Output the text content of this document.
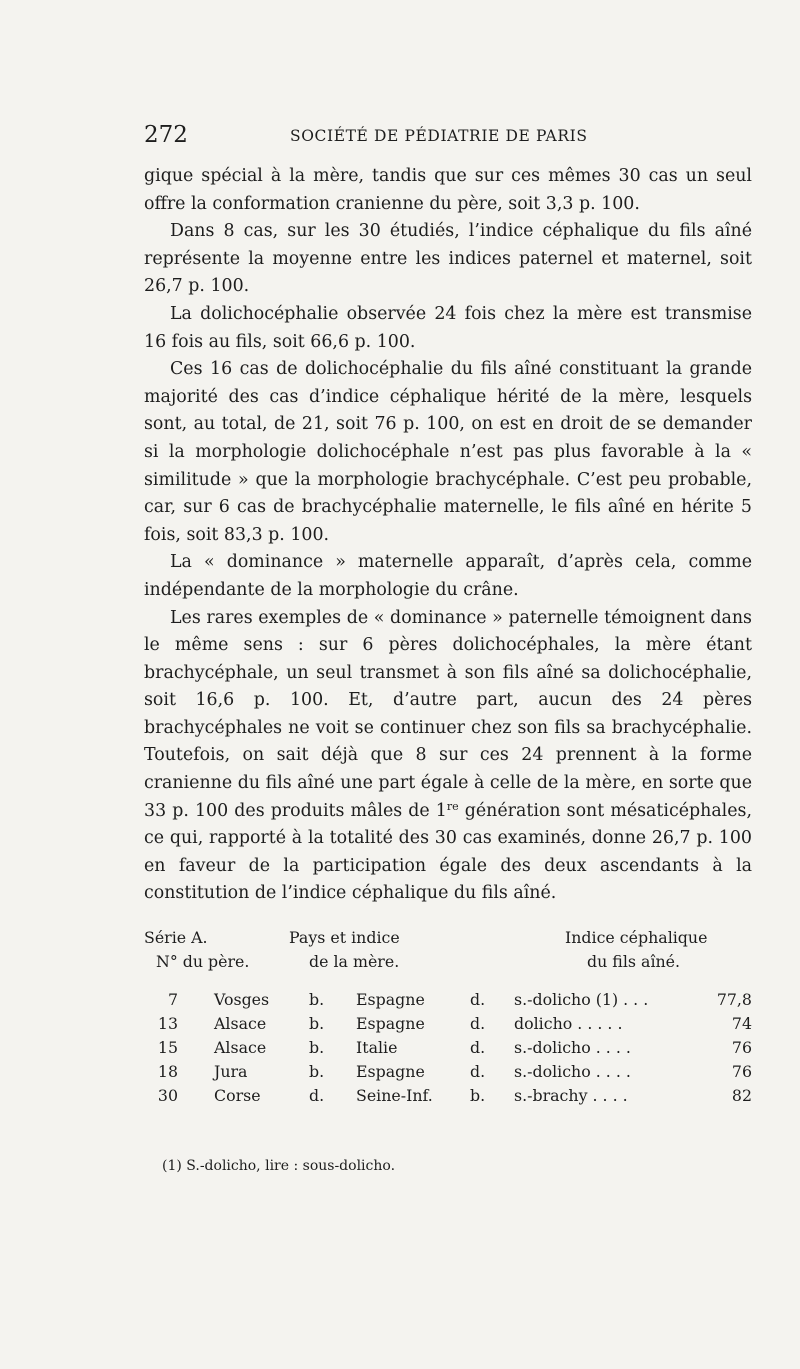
272	SOCIÉTÉ DE PÉDIATRIE DE PARIS

gique spécial à la mère, tandis que sur ces mêmes 30 cas un seul offre la conformation cranienne du père, soit 3,3 p. 100.

Dans 8 cas, sur les 30 étudiés, l’indice céphalique du fils aîné représente la moyenne entre les indices paternel et maternel, soit 26,7 p. 100.

La dolichocéphalie observée 24 fois chez la mère est transmise 16 fois au fils, soit 66,6 p. 100.

Ces 16 cas de dolichocéphalie du fils aîné constituant la grande majorité des cas d’indice céphalique hérité de la mère, lesquels sont, au total, de 21, soit 76 p. 100, on est en droit de se demander si la morphologie dolichocéphale n’est pas plus favorable à la « similitude » que la morphologie brachycéphale. C’est peu probable, car, sur 6 cas de brachycéphalie maternelle, le fils aîné en hérite 5 fois, soit 83,3 p. 100.

La « dominance » maternelle apparaît, d’après cela, comme indépendante de la morphologie du crâne.

Les rares exemples de « dominance » paternelle témoignent dans le même sens : sur 6 pères dolichocéphales, la mère étant brachycéphale, un seul transmet à son fils aîné sa dolichocéphalie, soit 16,6 p. 100. Et, d’autre part, aucun des 24 pères brachycéphales ne voit se continuer chez son fils sa brachycéphalie. Toutefois, on sait déjà que 8 sur ces 24 prennent à la forme cranienne du fils aîné une part égale à celle de la mère, en sorte que 33 p. 100 des produits mâles de 1re génération sont mésaticéphales, ce qui, rapporté à la totalité des 30 cas examinés, donne 26,7 p. 100 en faveur de la participation égale des deux ascendants à la constitution de l’indice céphalique du fils aîné.

Série A.
N° du père.
Pays et indice
de la mère.
Indice céphalique
du fils aîné.
7 Vosges	b. Espagne	d. s.-dolicho (1) . . .	77,8
13 Alsace	b. Espagne	d. dolicho . . . . .	74
15 Alsace	b. Italie	d. s.-dolicho . . . .	76
18 Jura	b. Espagne	d. s.-dolicho . . . .	76
30 Corse	d. Seine-Inf. b. s.-brachy . . . .	82
(1) S.-dolicho, lire : sous-dolicho.
